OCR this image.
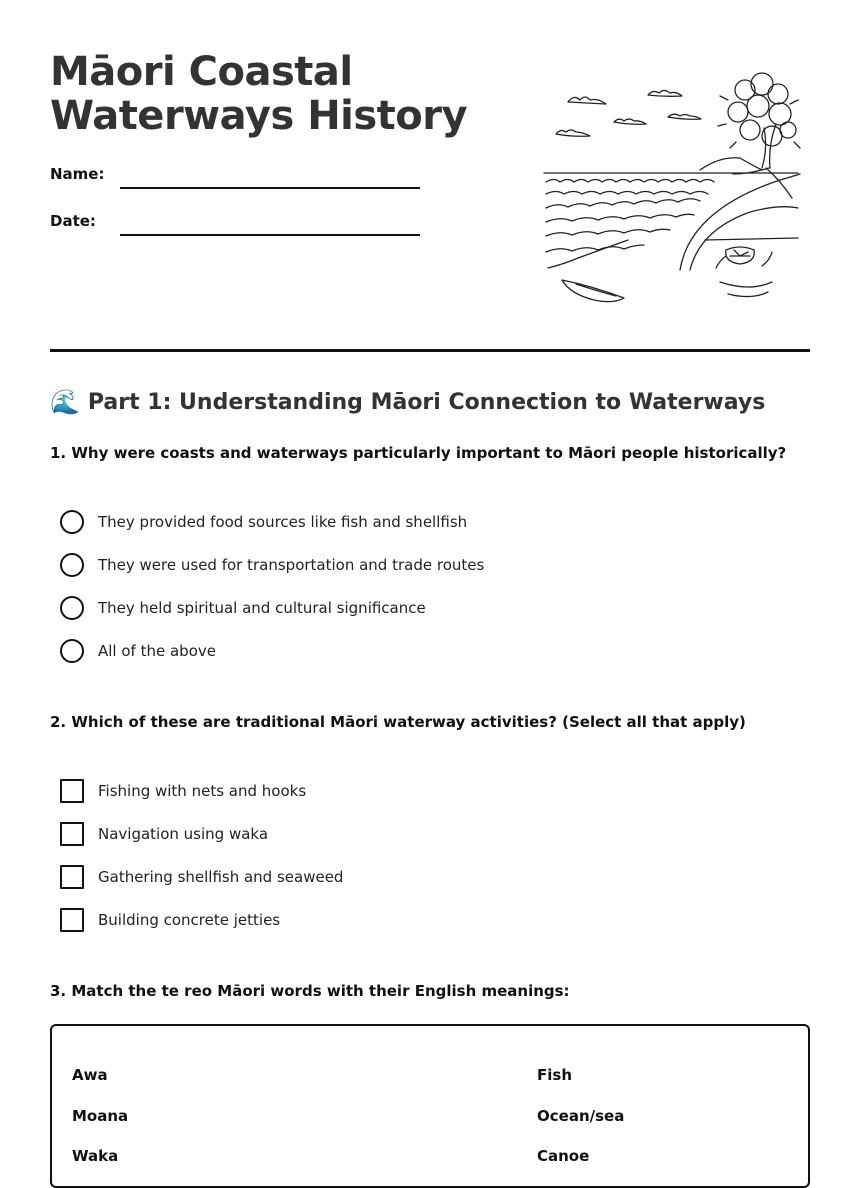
Māori Coastal
Waterways History
Name:
Date:
🌊 Part 1: Understanding Māori Connection to Waterways
1. Why were coasts and waterways particularly important to Māori people historically?
They provided food sources like fish and shellfish
They were used for transportation and trade routes
They held spiritual and cultural significance
All of the above
2. Which of these are traditional Māori waterway activities? (Select all that apply)
Fishing with nets and hooks
Navigation using waka
Gathering shellfish and seaweed
Building concrete jetties
3. Match the te reo Māori words with their English meanings:
Awa
Moana
Waka
Fish
Ocean/sea
Canoe
